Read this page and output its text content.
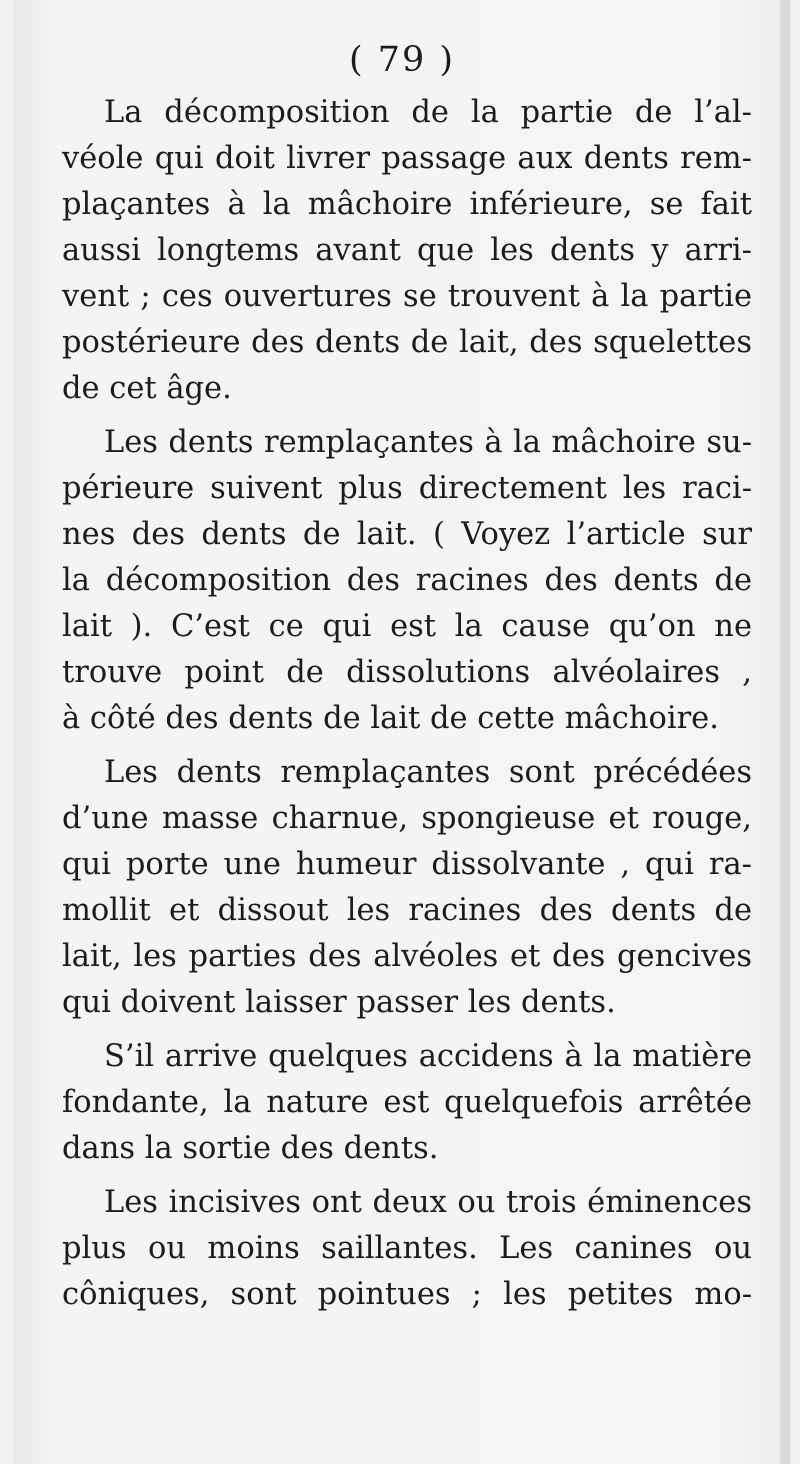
( 79 )
La décomposition de la partie de l’al-
véole qui doit livrer passage aux dents rem-
plaçantes à la mâchoire inférieure, se fait
aussi longtems avant que les dents y arri-
vent ; ces ouvertures se trouvent à la partie
postérieure des dents de lait, des squelettes
de cet âge.
Les dents remplaçantes à la mâchoire su-
périeure suivent plus directement les raci-
nes des dents de lait. ( Voyez l’article sur
la décomposition des racines des dents de
lait ). C’est ce qui est la cause qu’on ne
trouve point de dissolutions alvéolaires ,
à côté des dents de lait de cette mâchoire.
Les dents remplaçantes sont précédées
d’une masse charnue, spongieuse et rouge,
qui porte une humeur dissolvante , qui ra-
mollit et dissout les racines des dents de
lait, les parties des alvéoles et des gencives
qui doivent laisser passer les dents.
S’il arrive quelques accidens à la matière
fondante, la nature est quelquefois arrêtée
dans la sortie des dents.
Les incisives ont deux ou trois éminences
plus ou moins saillantes. Les canines ou
côniques, sont pointues ; les petites mo-
